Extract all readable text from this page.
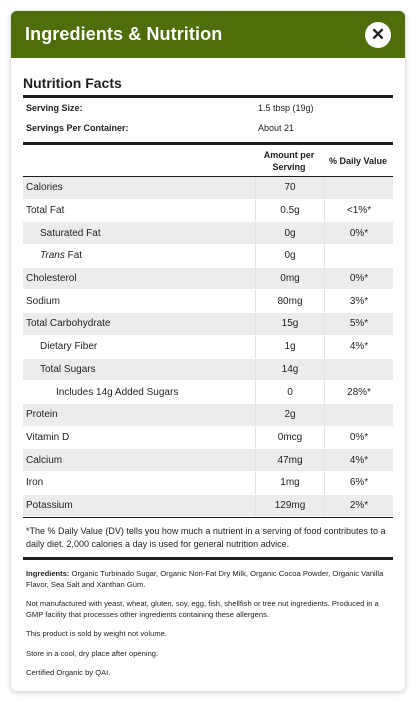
Ingredients & Nutrition	✕
Nutrition Facts
Serving Size:	1.5 tbsp (19g)
Servings Per Container:	About 21
Amount per
Serving
% Daily Value
Calories	70
Total Fat	0.5g	<1%*
Saturated Fat	0g	0%*
Trans Fat	0g
Cholesterol	0mg	0%*
Sodium	80mg	3%*
Total Carbohydrate	15g	5%*
Dietary Fiber	1g	4%*
Total Sugars	14g
Includes 14g Added Sugars	0	28%*
Protein	2g
Vitamin D	0mcg	0%*
Calcium	47mg	4%*
Iron	1mg	6%*
Potassium	129mg	2%*
*The % Daily Value (DV) tells you how much a nutrient in a serving of food contributes to a daily diet. 2,000 calories a day is used for general nutrition advice.

Ingredients: Organic Turbinado Sugar, Organic Non-Fat Dry Milk, Organic Cocoa Powder, Organic Vanilla Flavor, Sea Salt and Xanthan Gum.

Not manufactured with yeast, wheat, gluten, soy, egg, fish, shellfish or tree nut ingredients. Produced in a GMP facility that processes other ingredients containing these allergens.

This product is sold by weight not volume.

Store in a cool, dry place after opening.

Certified Organic by QAI.
